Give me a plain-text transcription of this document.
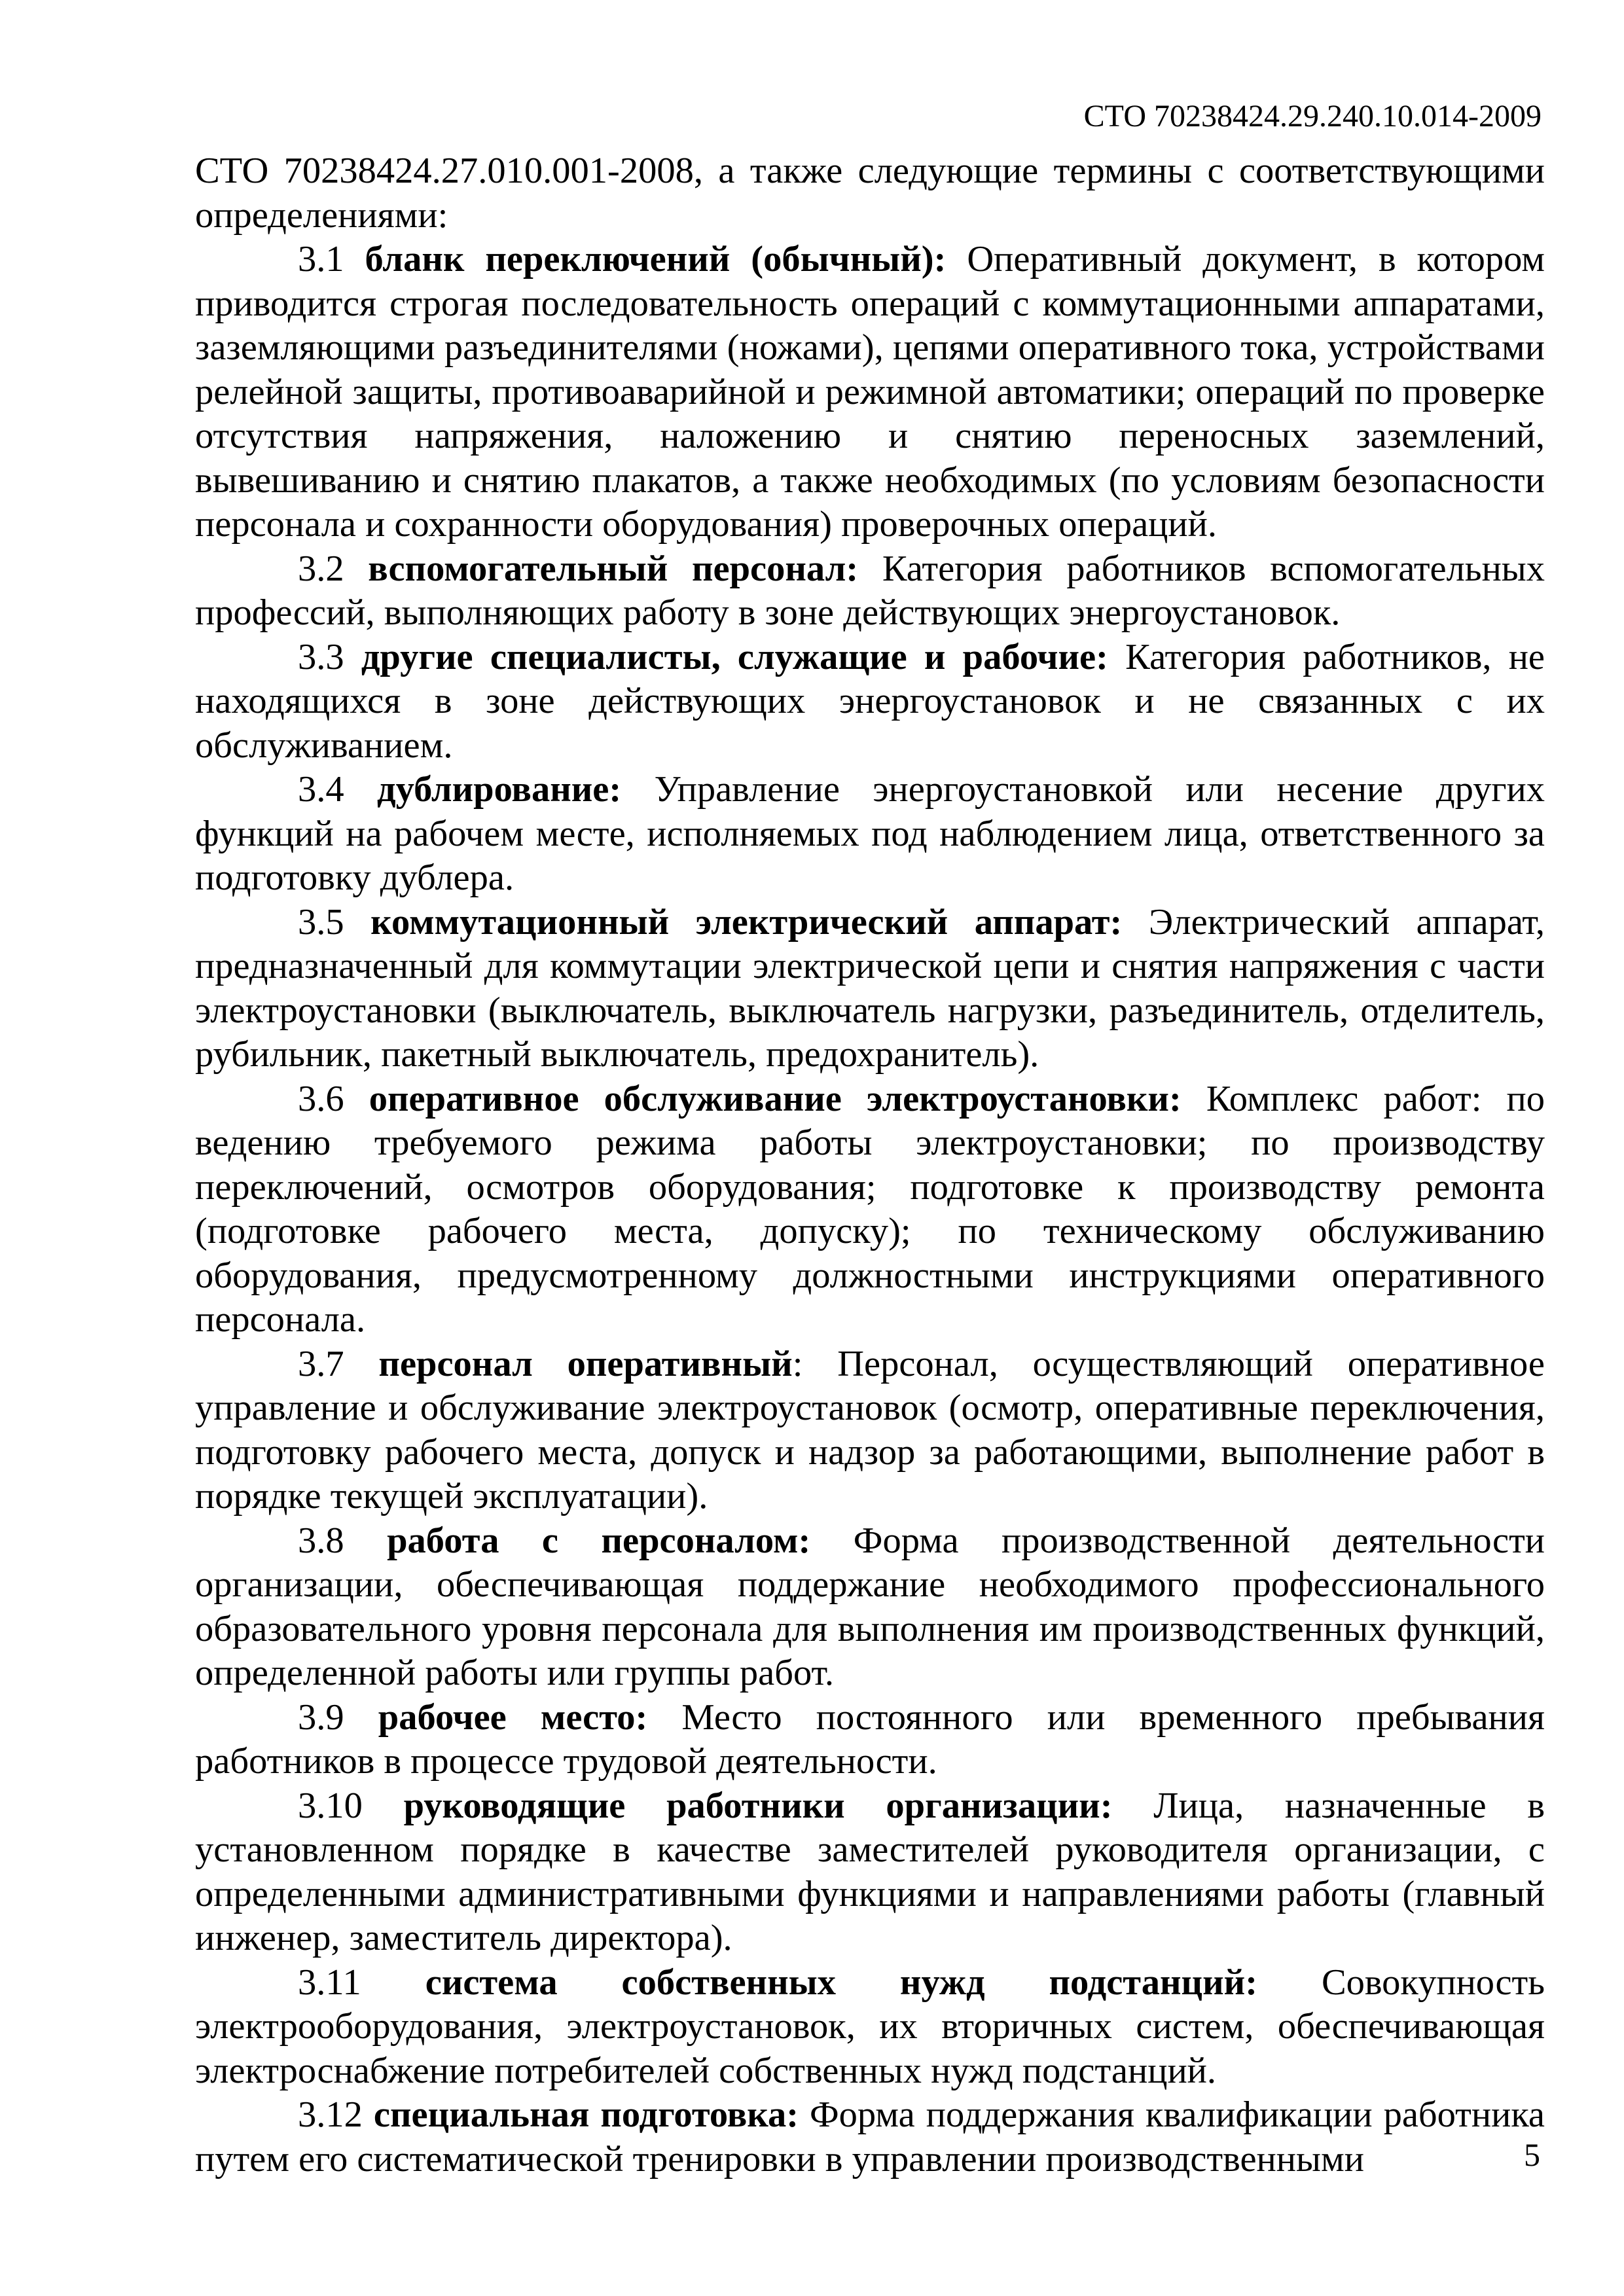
СТО 70238424.29.240.10.014-2009

СТО 70238424.27.010.001-2008, а также следующие термины с соответствующими определениями:

3.1 бланк переключений (обычный): Оперативный документ, в котором приводится строгая последовательность операций с коммутационными аппаратами, заземляющими разъединителями (ножами), цепями оперативного тока, устройствами релейной защиты, противоаварийной и режимной автоматики; операций по проверке отсутствия напряжения, наложению и снятию переносных заземлений, вывешиванию и снятию плакатов, а также необходимых (по условиям безопасности персонала и сохранности оборудования) проверочных операций.

3.2 вспомогательный персонал: Категория работников вспомогательных профессий, выполняющих работу в зоне действующих энергоустановок.

3.3 другие специалисты, служащие и рабочие: Категория работников, не находящихся в зоне действующих энергоустановок и не связанных с их обслуживанием.

3.4 дублирование: Управление энергоустановкой или несение других функций на рабочем месте, исполняемых под наблюдением лица, ответственного за подготовку дублера.

3.5 коммутационный электрический аппарат: Электрический аппарат, предназначенный для коммутации электрической цепи и снятия напряжения с части электроустановки (выключатель, выключатель нагрузки, разъединитель, отделитель, рубильник, пакетный выключатель, предохранитель).

3.6 оперативное обслуживание электроустановки: Комплекс работ: по ведению требуемого режима работы электроустановки; по производству переключений, осмотров оборудования; подготовке к производству ремонта (подготовке рабочего места, допуску); по техническому обслуживанию оборудования, предусмотренному должностными инструкциями оперативного персонала.

3.7 персонал оперативный: Персонал, осуществляющий оперативное управление и обслуживание электроустановок (осмотр, оперативные переключения, подготовку рабочего места, допуск и надзор за работающими, выполнение работ в порядке текущей эксплуатации).

3.8 работа с персоналом: Форма производственной деятельности организации, обеспечивающая поддержание необходимого профессионального образовательного уровня персонала для выполнения им производственных функций, определенной работы или группы работ.

3.9 рабочее место: Место постоянного или временного пребывания работников в процессе трудовой деятельности.

3.10 руководящие работники организации: Лица, назначенные в установленном порядке в качестве заместителей руководителя организации, с определенными административными функциями и направлениями работы (главный инженер, заместитель директора).

3.11 система собственных нужд подстанций: Совокупность электрооборудования, электроустановок, их вторичных систем, обеспечивающая электроснабжение потребителей собственных нужд подстанций.

3.12 специальная подготовка: Форма поддержания квалификации работника путем его систематической тренировки в управлении производственными	5
